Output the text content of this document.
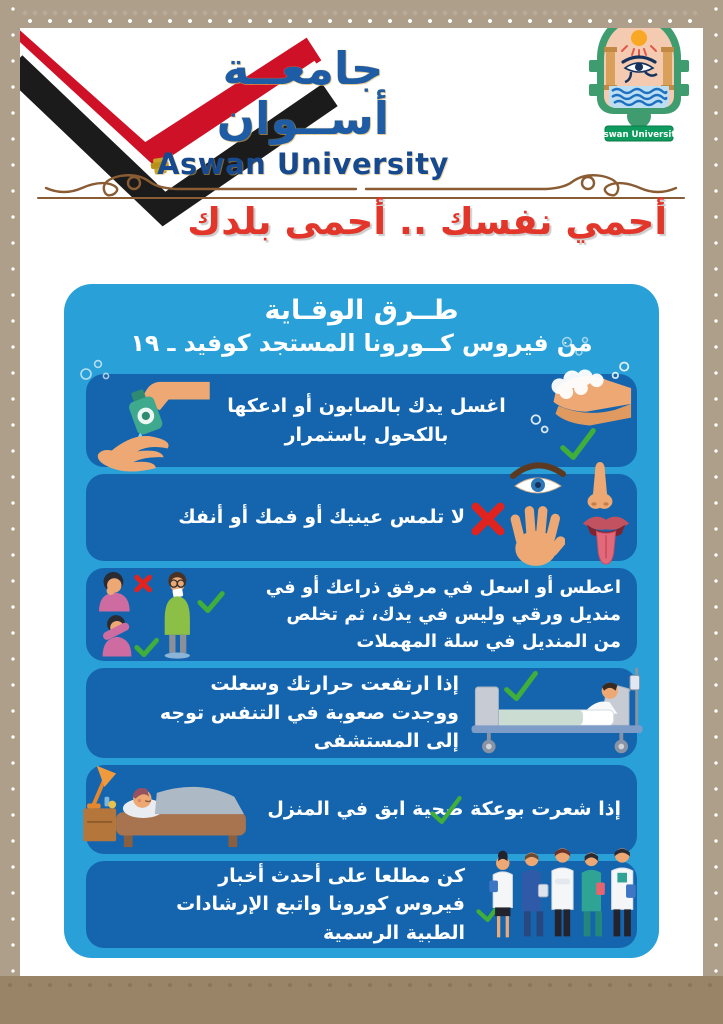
جامعــة أســوان
Aswan University
Aswan University
أحمي نفسك .. أحمى بلدك
طــرق الوقـاية
من فيروس كــورونا المستجد كوفيد ـ ١٩
اغسل يدك بالصابون أو ادعكها بالكحول باستمرار
لا تلمس عينيك أو فمك أو أنفك
اعطس أو اسعل في مرفق ذراعك أو في منديل ورقي وليس في يدك، ثم تخلص من المنديل في سلة المهملات
إذا ارتفعت حرارتك وسعلت ووجدت صعوبة في التنفس توجه إلى المستشفى
إذا شعرت بوعكة صحية ابق في المنزل
كن مطلعا على أحدث أخبار فيروس كورونا واتبع الإرشادات الطبية الرسمية
